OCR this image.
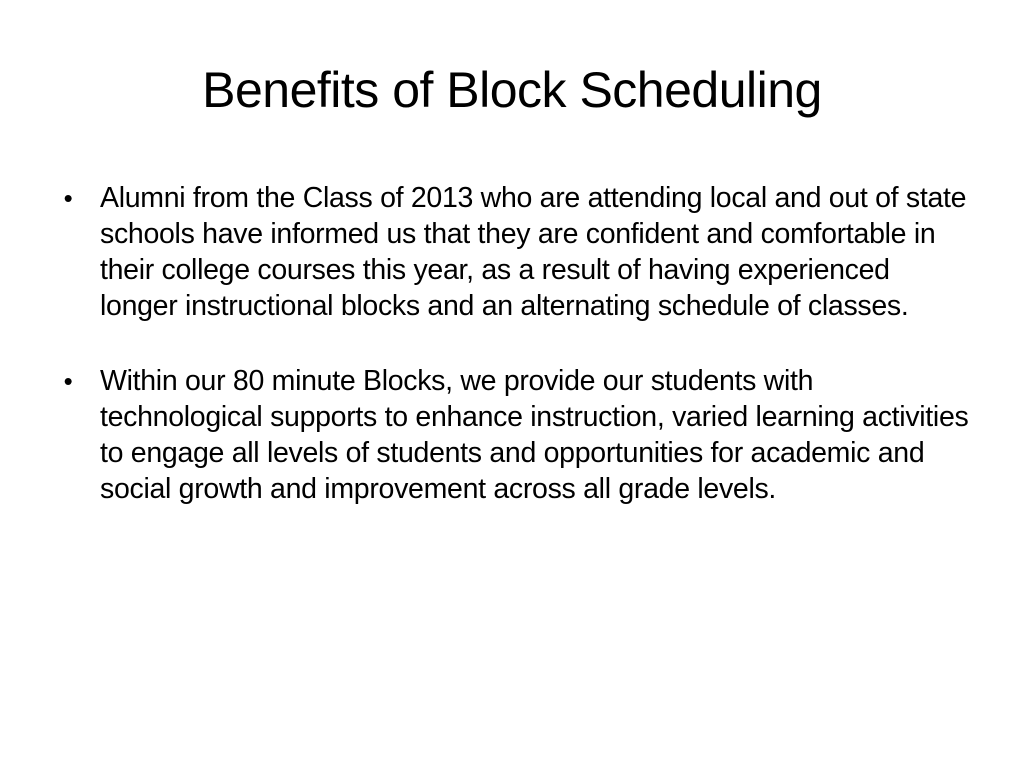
Benefits of Block Scheduling
• Alumni from the Class of 2013 who are attending local and out of state schools have informed us that they are confident and comfortable in their college courses this year, as a result of having experienced longer instructional blocks and an alternating schedule of classes.
• Within our 80 minute Blocks, we provide our students with technological supports to enhance instruction, varied learning activities to engage all levels of students and opportunities for academic and social growth and improvement across all grade levels.
